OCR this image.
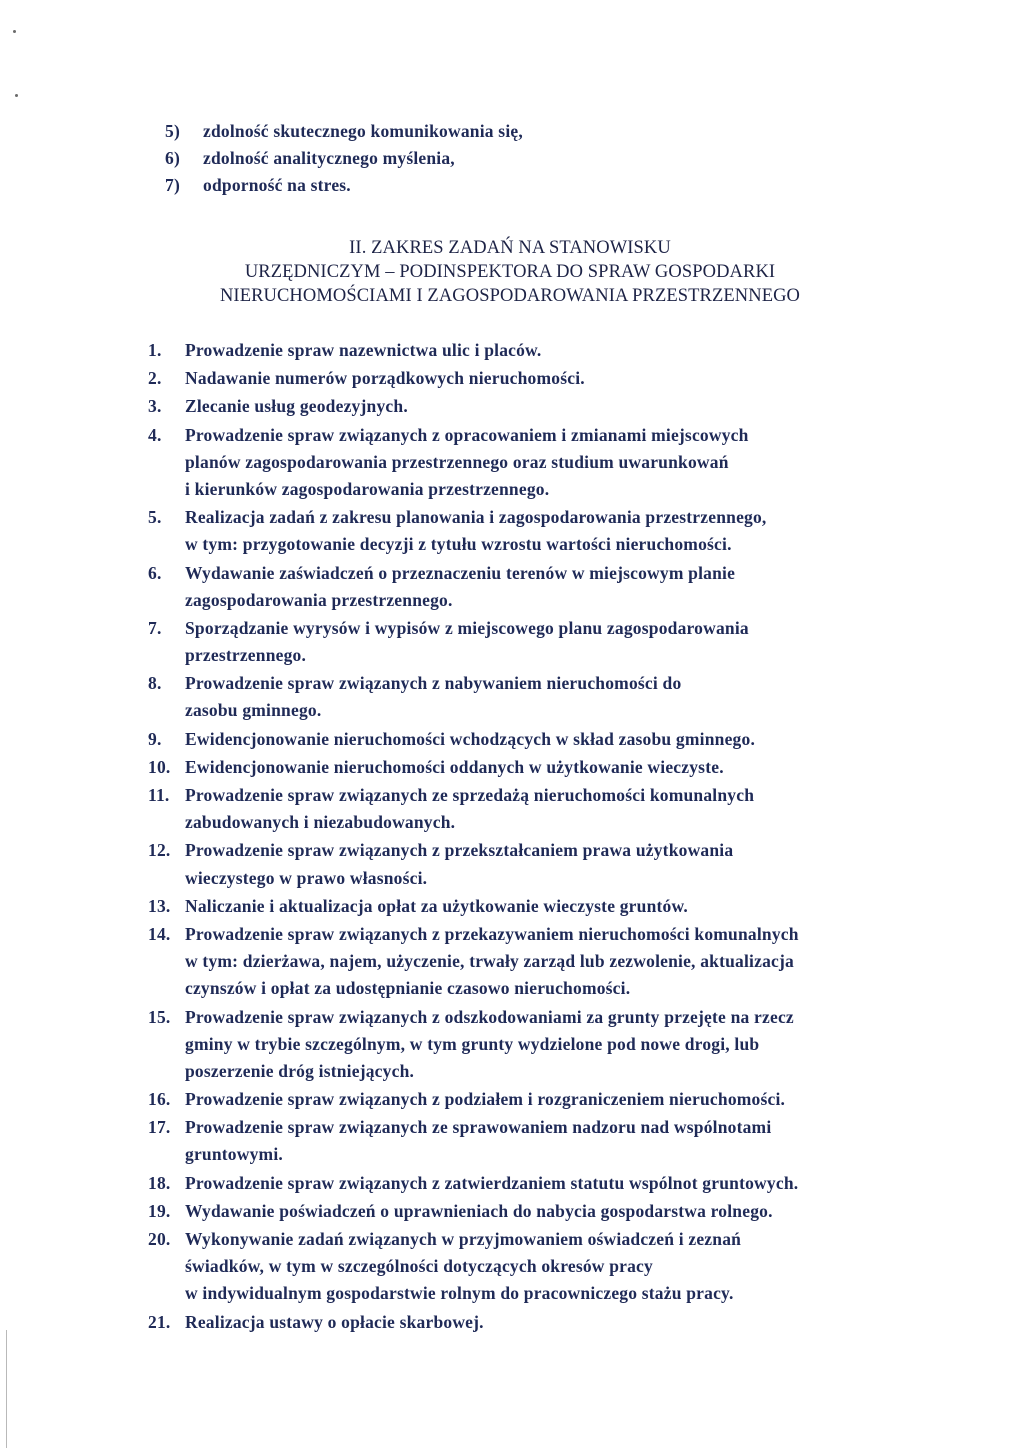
5) zdolność skutecznego komunikowania się,
6) zdolność analitycznego myślenia,
7) odporność na stres.
II. ZAKRES ZADAŃ NA STANOWISKU
URZĘDNICZYM – PODINSPEKTORA DO SPRAW GOSPODARKI
NIERUCHOMOŚCIAMI I ZAGOSPODAROWANIA PRZESTRZENNEGO
1.	Prowadzenie spraw nazewnictwa ulic i placów.
2.	Nadawanie numerów porządkowych nieruchomości.
3.	Zlecanie usług geodezyjnych.
4.	Prowadzenie spraw związanych z opracowaniem i zmianami miejscowych
planów zagospodarowania przestrzennego oraz studium uwarunkowań
i kierunków zagospodarowania przestrzennego.
5.	Realizacja zadań z zakresu planowania i zagospodarowania przestrzennego,
w tym: przygotowanie decyzji z tytułu wzrostu wartości nieruchomości.
6.	Wydawanie zaświadczeń o przeznaczeniu terenów w miejscowym planie
zagospodarowania przestrzennego.
7.	Sporządzanie wyrysów i wypisów z miejscowego planu zagospodarowania
przestrzennego.
8.	Prowadzenie spraw związanych z nabywaniem nieruchomości do
zasobu gminnego.
9.	Ewidencjonowanie nieruchomości wchodzących w skład zasobu gminnego.
10. Ewidencjonowanie nieruchomości oddanych w użytkowanie wieczyste.
11. Prowadzenie spraw związanych ze sprzedażą nieruchomości komunalnych
zabudowanych i niezabudowanych.
12. Prowadzenie spraw związanych z przekształcaniem prawa użytkowania
wieczystego w prawo własności.
13. Naliczanie i aktualizacja opłat za użytkowanie wieczyste gruntów.
14. Prowadzenie spraw związanych z przekazywaniem nieruchomości komunalnych
w tym: dzierżawa, najem, użyczenie, trwały zarząd lub zezwolenie, aktualizacja
czynszów i opłat za udostępnianie czasowo nieruchomości.
15. Prowadzenie spraw związanych z odszkodowaniami za grunty przejęte na rzecz
gminy w trybie szczególnym, w tym grunty wydzielone pod nowe drogi, lub
poszerzenie dróg istniejących.
16. Prowadzenie spraw związanych z podziałem i rozgraniczeniem nieruchomości.
17. Prowadzenie spraw związanych ze sprawowaniem nadzoru nad wspólnotami
gruntowymi.
18. Prowadzenie spraw związanych z zatwierdzaniem statutu wspólnot gruntowych.
19. Wydawanie poświadczeń o uprawnieniach do nabycia gospodarstwa rolnego.
20. Wykonywanie zadań związanych w przyjmowaniem oświadczeń i zeznań
świadków, w tym w szczególności dotyczących okresów pracy
w indywidualnym gospodarstwie rolnym do pracowniczego stażu pracy.
21. Realizacja ustawy o opłacie skarbowej.
